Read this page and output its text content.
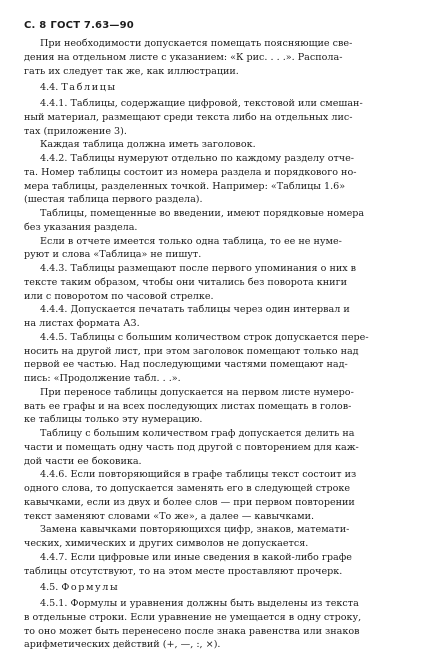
С. 8 ГОСТ 7.63—90
При необходимости допускается помещать поясняющие све-
дения на отдельном листе с указанием: «К рис. . . .». Распола-
гать их следует так же, как иллюстрации.
4.4. Таблицы
4.4.1. Таблицы, содержащие цифровой, текстовой или смешан-
ный материал, размещают среди текста либо на отдельных лис-
тах (приложение 3).
Каждая таблица должна иметь заголовок.
4.4.2. Таблицы нумеруют отдельно по каждому разделу отче-
та. Номер таблицы состоит из номера раздела и порядкового но-
мера таблицы, разделенных точкой. Например: «Таблицы 1.6»
(шестая таблица первого раздела).
Таблицы, помещенные во введении, имеют порядковые номера
без указания раздела.
Если в отчете имеется только одна таблица, то ее не нуме-
руют и слова «Таблица» не пишут.
4.4.3. Таблицы размещают после первого упоминания о них в
тексте таким образом, чтобы они читались без поворота книги
или с поворотом по часовой стрелке.
4.4.4. Допускается печатать таблицы через один интервал и
на листах формата А3.
4.4.5. Таблицы с большим количеством строк допускается пере-
носить на другой лист, при этом заголовок помещают только над
первой ее частью. Над последующими частями помещают над-
пись: «Продолжение табл. . .».
При переносе таблицы допускается на первом листе нумеро-
вать ее графы и на всех последующих листах помещать в голов-
ке таблицы только эту нумерацию.
Таблицу с большим количеством граф допускается делить на
части и помещать одну часть под другой с повторением для каж-
дой части ее боковика.
4.4.6. Если повторяющийся в графе таблицы текст состоит из
одного слова, то допускается заменять его в следующей строке
кавычками, если из двух и более слов — при первом повторении
текст заменяют словами «То же», а далее — кавычками.
Замена кавычками повторяющихся цифр, знаков, математи-
ческих, химических и других символов не допускается.
4.4.7. Если цифровые или иные сведения в какой-либо графе
таблицы отсутствуют, то на этом месте проставляют прочерк.
4.5. Формулы
4.5.1. Формулы и уравнения должны быть выделены из текста
в отдельные строки. Если уравнение не умещается в одну строку,
то оно может быть перенесено после знака равенства или знаков
арифметических действий (+, —, :, ×).
